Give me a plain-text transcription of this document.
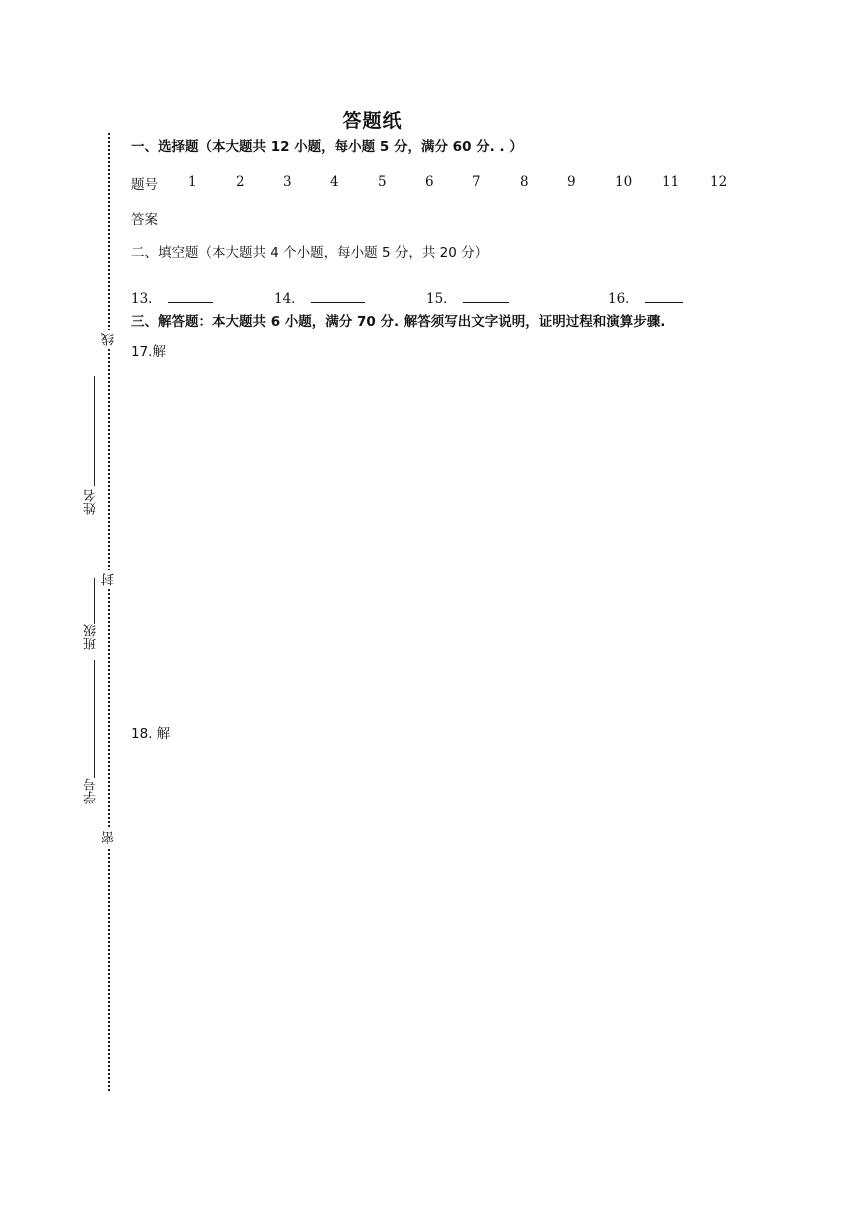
答题纸
一、选择题（本大题共 12 小题，每小题 5 分，满分 60 分. . ）
题号 1	2	3	4	5	6	7	8	9	10 11 12
答案
二、填空题（本大题共 4 个小题，每小题 5 分，共 20 分）
13．	14．	15．	16．
三、解答题：本大题共 6 小题，满分 70 分. 解答须写出文字说明，证明过程和演算步骤.
17.解
18. 解
线
封
密
姓名
班级
学号
